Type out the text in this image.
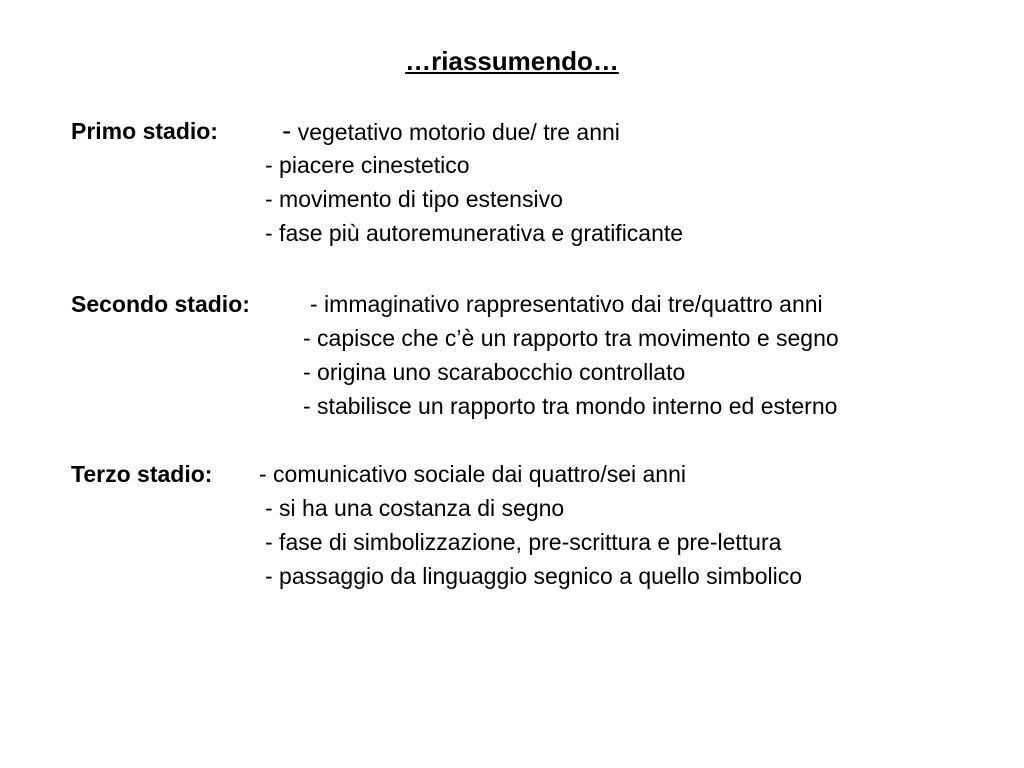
…riassumendo…
Primo stadio: - vegetativo motorio due/ tre anni
- piacere cinestetico
- movimento di tipo estensivo
- fase più autoremunerativa e gratificante
Secondo stadio:	- immaginativo rappresentativo dai tre/quattro anni
- capisce che c’è un rapporto tra movimento e segno
- origina uno scarabocchio controllato
- stabilisce un rapporto tra mondo interno ed esterno
Terzo stadio: - comunicativo sociale dai quattro/sei anni
- si ha una costanza di segno
- fase di simbolizzazione, pre-scrittura e pre-lettura
- passaggio da linguaggio segnico a quello simbolico
